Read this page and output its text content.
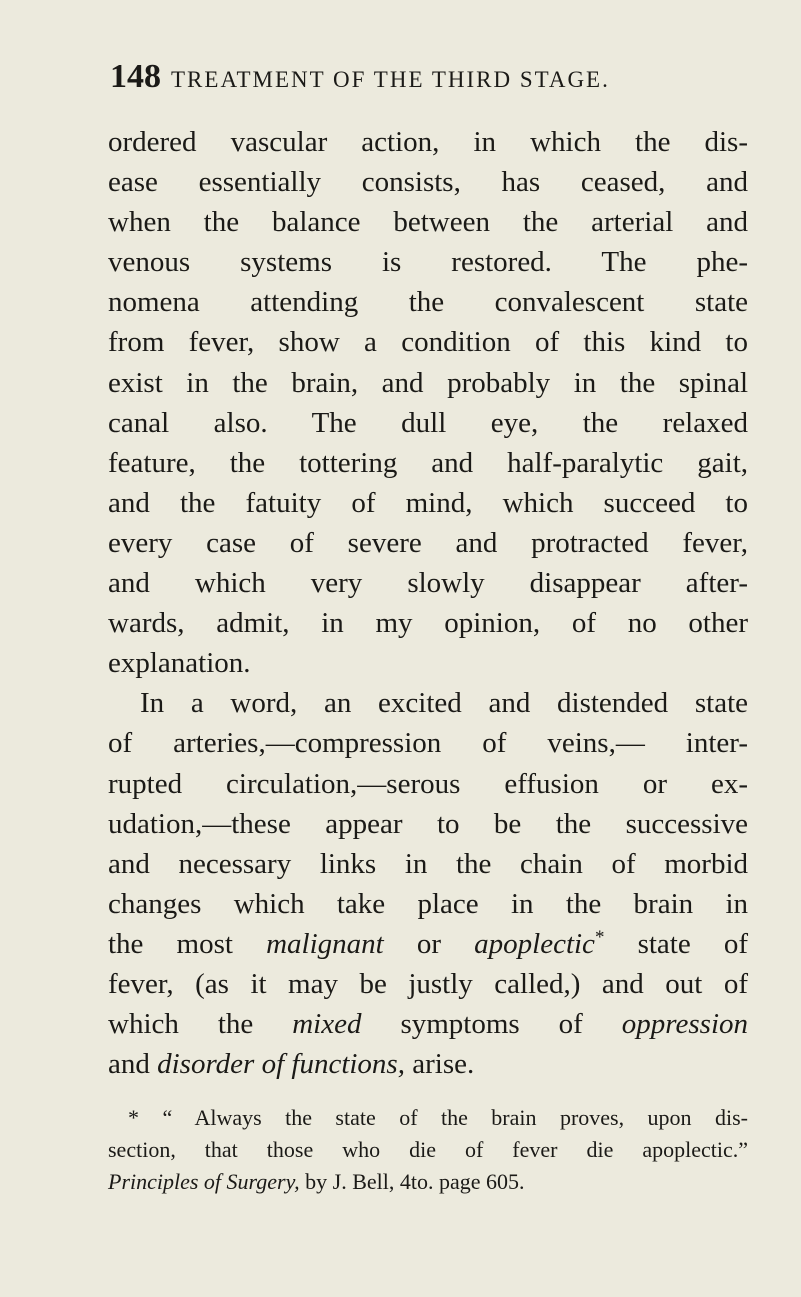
148 TREATMENT OF THE THIRD STAGE.
ordered vascular action, in which the dis-
ease essentially consists, has ceased, and
when the balance between the arterial and
venous systems is restored. The phe-
nomena attending the convalescent state
from fever, show a condition of this kind to
exist in the brain, and probably in the spinal
canal also. The dull eye, the relaxed
feature, the tottering and half-paralytic gait,
and the fatuity of mind, which succeed to
every case of severe and protracted fever,
and which very slowly disappear after-
wards, admit, in my opinion, of no other
explanation.
In a word, an excited and distended state
of arteries,—compression of veins,— inter-
rupted circulation,—serous effusion or ex-
udation,—these appear to be the successive
and necessary links in the chain of morbid
changes which take place in the brain in
the most malignant or apoplectic* state of
fever, (as it may be justly called,) and out of
which the mixed symptoms of oppression
and disorder of functions, arise.
* “ Always the state of the brain proves, upon dis-
section, that those who die of fever die apoplectic.”
Principles of Surgery, by J. Bell, 4to. page 605.
